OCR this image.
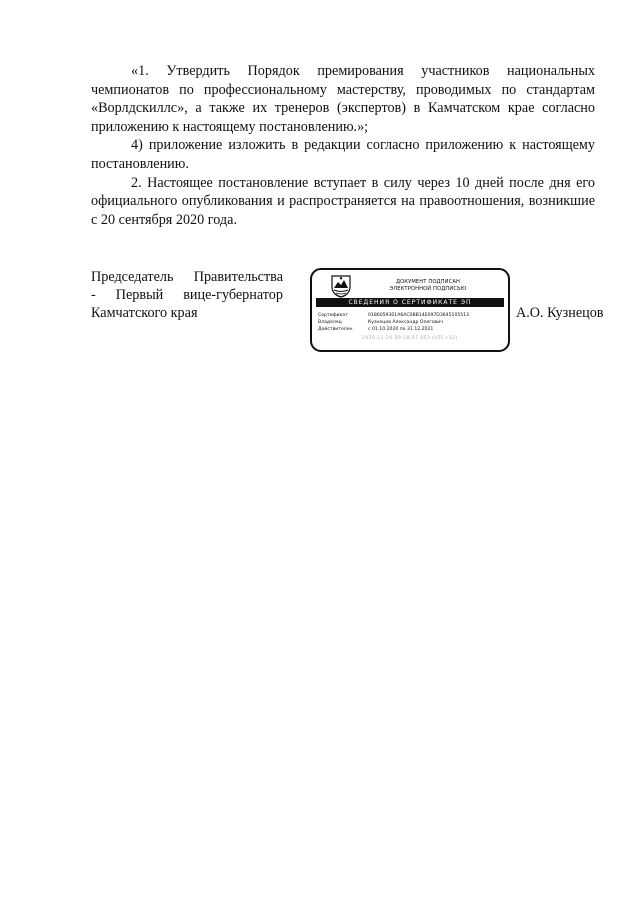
«1. Утвердить Порядок премирования участников национальных чемпионатов по профессиональному мастерству, проводимых по стандартам «Ворлдскиллс», а также их тренеров (экспертов) в Камчатском крае согласно приложению к настоящему постановлению.»;

4) приложение изложить в редакции согласно приложению к настоящему постановлению.

2. Настоящее постановление вступает в силу через 10 дней после дня его официального опубликования и распространяется на правоотношения, возникшие с 20 сентября 2020 года.

Председатель Правительства
- Первый вице-губернатор
Камчатского края
ДОКУМЕНТ ПОДПИСАН
ЭЛЕКТРОННОЙ ПОДПИСЬЮ
СВЕДЕНИЯ О СЕРТИФИКАТЕ ЭП
Сертификат	0186059301A6AC0BB14E097D3645105513
Владелец	Кузнецов Александр Олегович
Действителен	с 01.10.2020 по 31.12.2021
2020-11-26 09:18:57.853 (UTC+12)
А.О. Кузнецов
